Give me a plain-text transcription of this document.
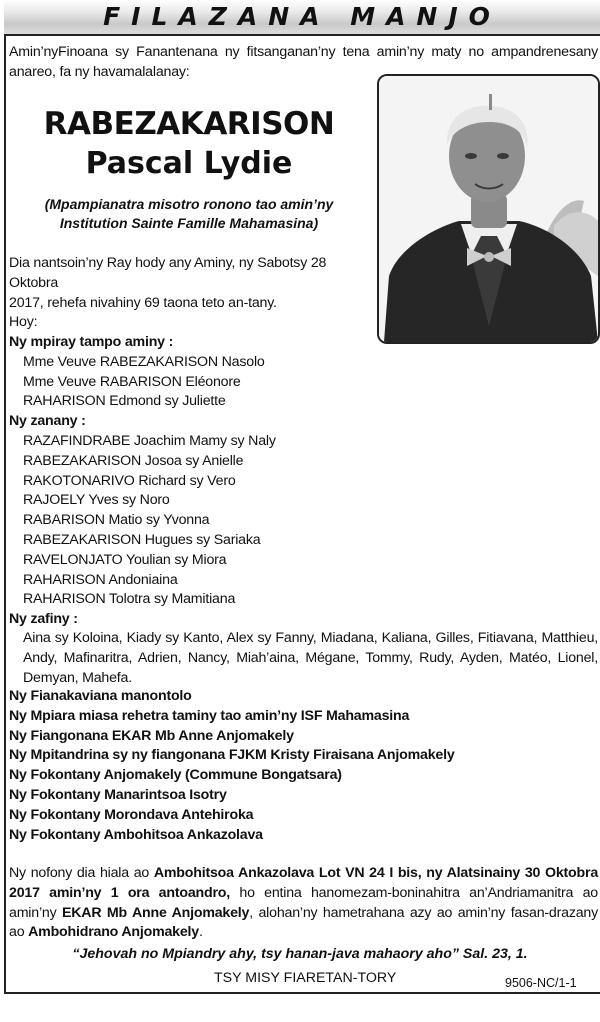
FILAZANA MANJO
Amin’nyFinoana sy Fanantenana ny fitsanganan’ny tena amin’ny maty no ampandrenesany anareo, fa ny havamalalanay:
RABEZAKARISON
Pascal Lydie
(Mpampianatra misotro ronono tao amin’ny
Institution Sainte Famille Mahamasina)
Dia nantsoin’ny Ray hody any Aminy, ny Sabotsy 28 Oktobra
2017, rehefa nivahiny 69 taona teto an-tany.
Hoy:
Ny mpiray tampo aminy :
Mme Veuve RABEZAKARISON Nasolo
Mme Veuve RABARISON Eléonore
RAHARISON Edmond sy Juliette
Ny zanany :
RAZAFINDRABE Joachim Mamy sy Naly
RABEZAKARISON Josoa sy Anielle
RAKOTONARIVO Richard sy Vero
RAJOELY Yves sy Noro
RABARISON Matio sy Yvonna
RABEZAKARISON Hugues sy Sariaka
RAVELONJATO Youlian sy Miora
RAHARISON Andoniaina
RAHARISON Tolotra sy Mamitiana
Ny zafiny :
Aina sy Koloina, Kiady sy Kanto, Alex sy Fanny, Miadana, Kaliana, Gilles, Fitiavana, Matthieu, Andy, Mafinaritra, Adrien, Nancy, Miah’aina, Mégane, Tommy, Rudy, Ayden, Matéo, Lionel, Demyan, Mahefa.
Ny Fianakaviana manontolo
Ny Mpiara miasa rehetra taminy tao amin’ny ISF Mahamasina
Ny Fiangonana EKAR Mb Anne Anjomakely
Ny Mpitandrina sy ny fiangonana FJKM Kristy Firaisana Anjomakely
Ny Fokontany Anjomakely (Commune Bongatsara)
Ny Fokontany Manarintsoa Isotry
Ny Fokontany Morondava Antehiroka
Ny Fokontany Ambohitsoa Ankazolava
Ny nofony dia hiala ao Ambohitsoa Ankazolava Lot VN 24 I bis, ny Alatsinainy 30 Oktobra 2017 amin’ny 1 ora antoandro, ho entina hanomezam-boninahitra an’Andriamanitra ao amin’ny EKAR Mb Anne Anjomakely, alohan’ny hametrahana azy ao amin’ny fasan-drazany ao Ambohidrano Anjomakely.
“Jehovah no Mpiandry ahy, tsy hanan-java mahaory aho” Sal. 23, 1.
TSY MISY FIARETAN-TORY	9506-NC/1-1
